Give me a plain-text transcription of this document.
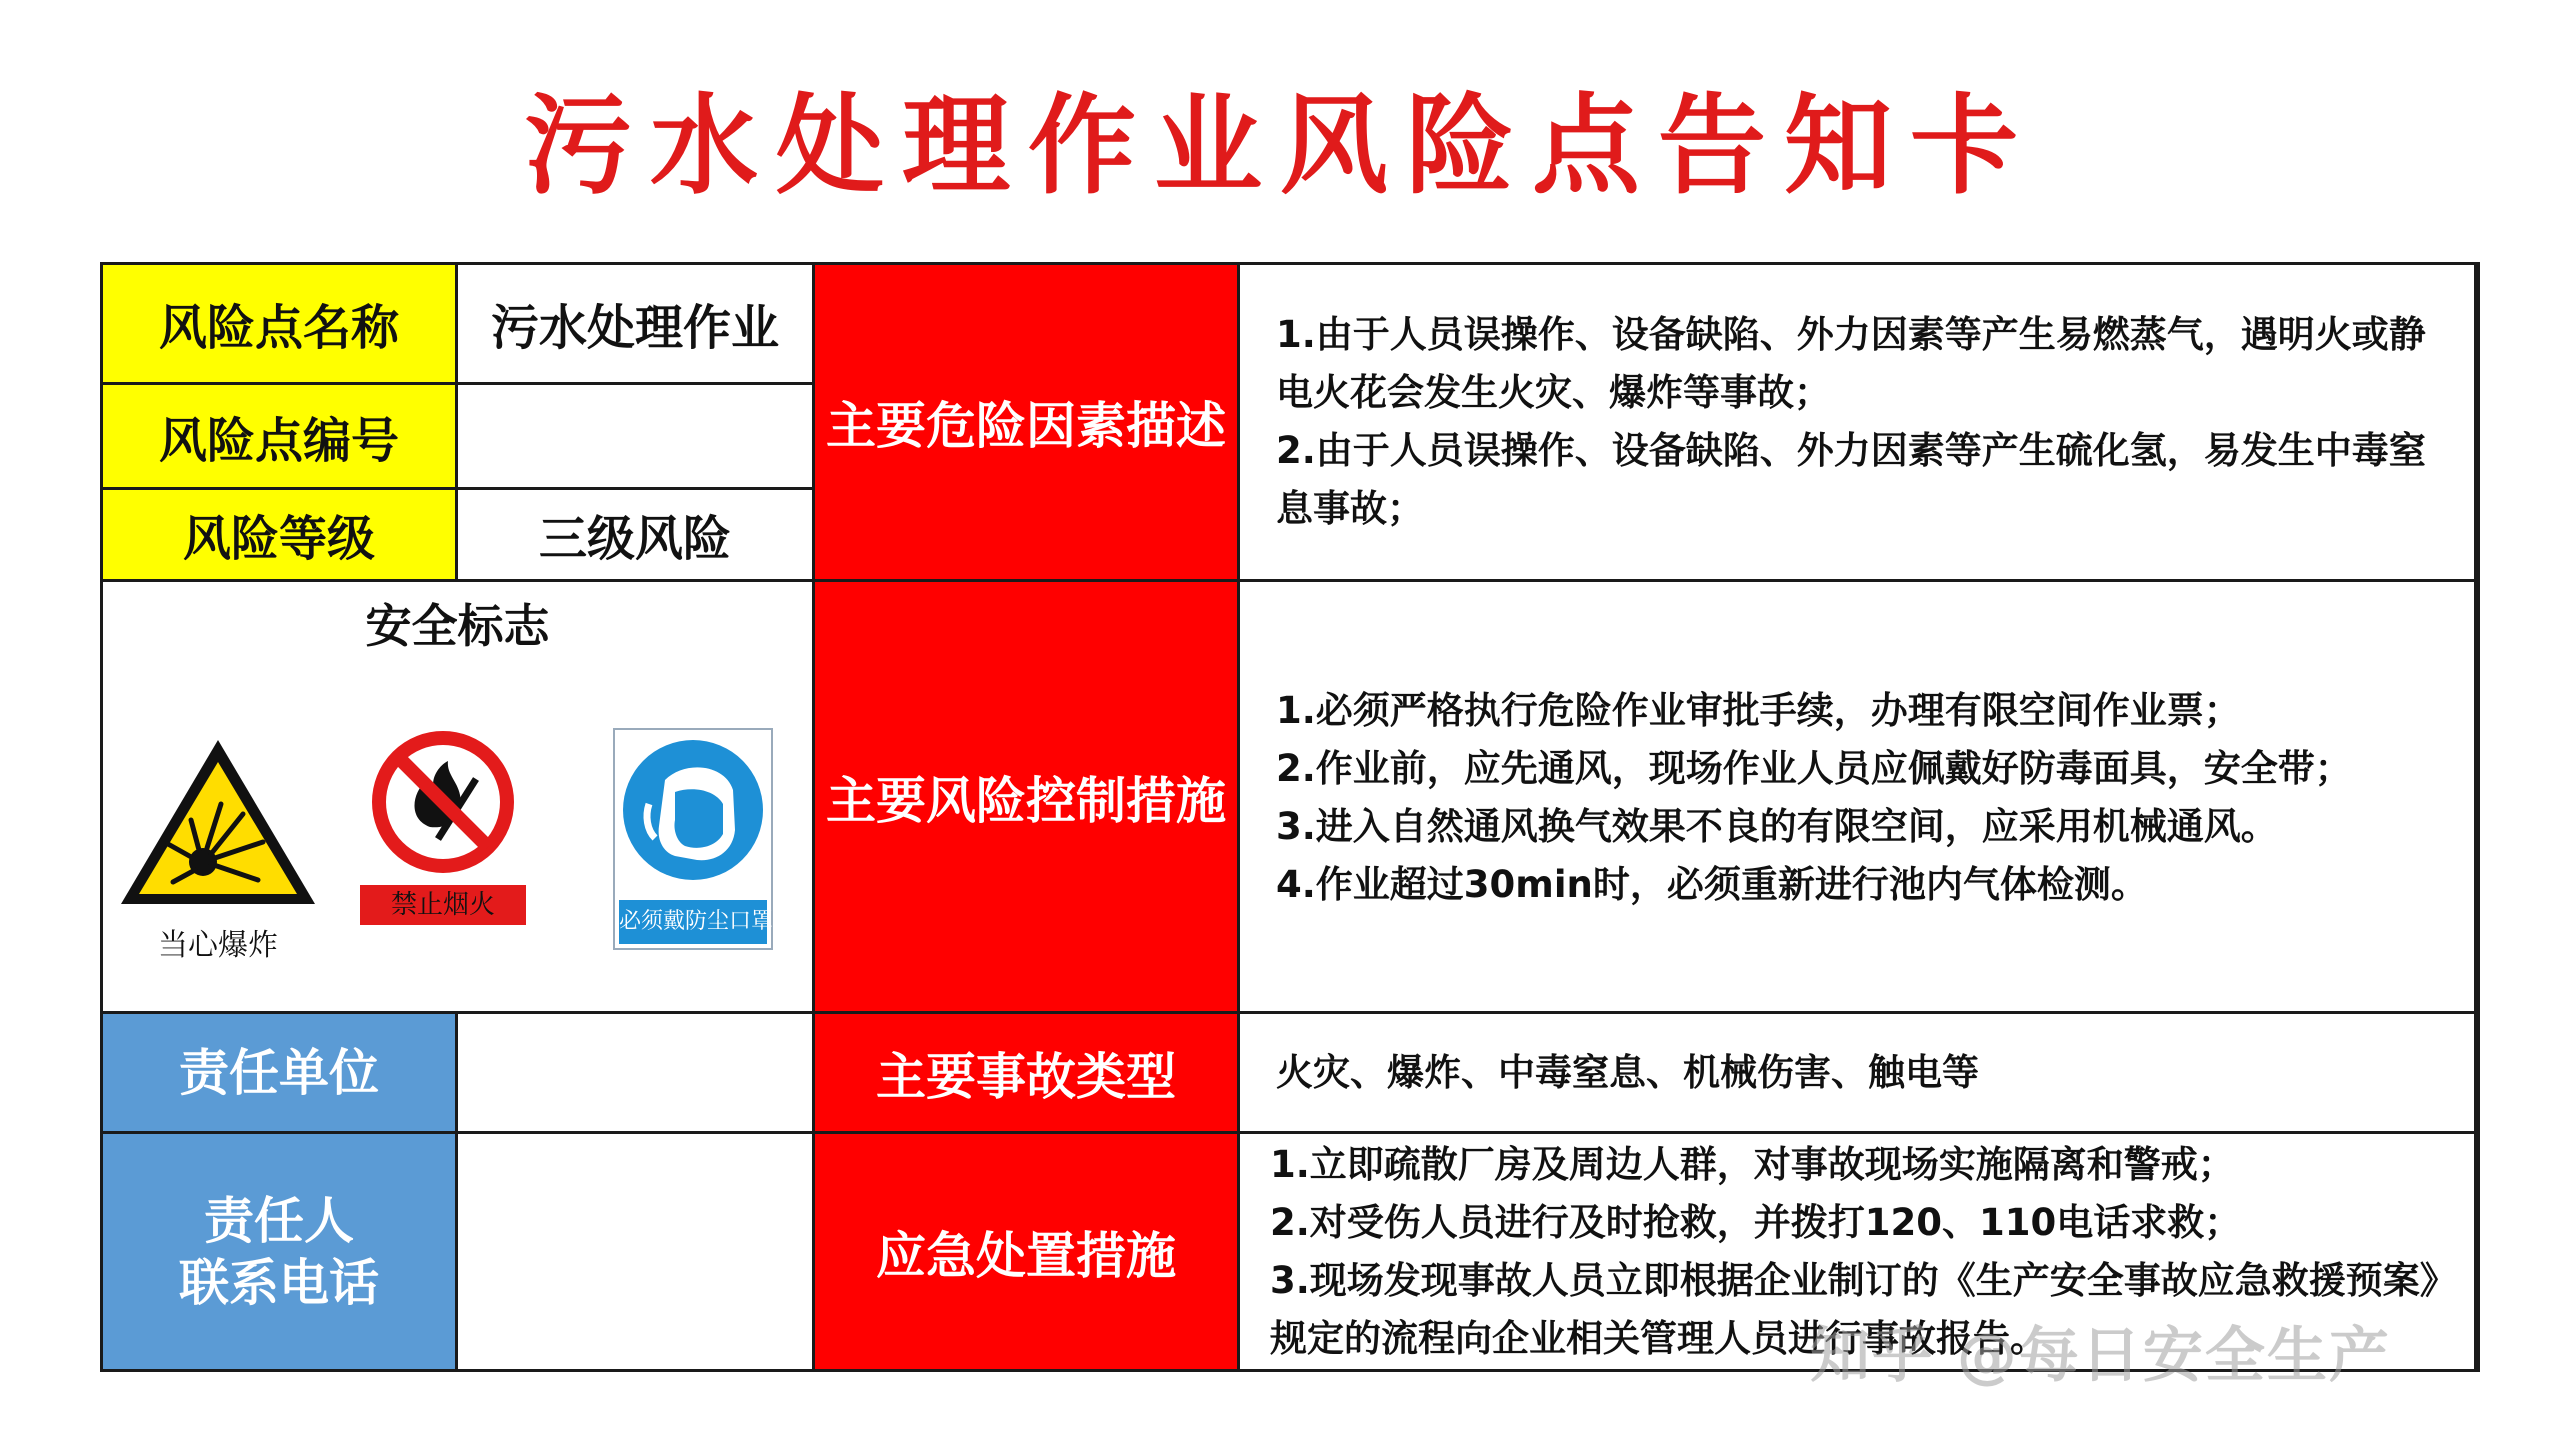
污水处理作业风险点告知卡
风险点名称	污水处理作业
风险点编号
风险等级	三级风险
安全标志
当心爆炸
禁止烟火
必须戴防尘口罩
责任单位
责任人
联系电话
主要危险因素描述
主要风险控制措施
主要事故类型
应急处置措施
1.由于人员误操作、设备缺陷、外力因素等产生易燃蒸气，遇明火或静
电火花会发生火灾、爆炸等事故；
2.由于人员误操作、设备缺陷、外力因素等产生硫化氢，易发生中毒窒
息事故；
1.必须严格执行危险作业审批手续，办理有限空间作业票；
2.作业前，应先通风，现场作业人员应佩戴好防毒面具，安全带；
3.进入自然通风换气效果不良的有限空间，应采用机械通风。
4.作业超过30min时，必须重新进行池内气体检测。
火灾、爆炸、中毒窒息、机械伤害、触电等
1.立即疏散厂房及周边人群，对事故现场实施隔离和警戒；
2.对受伤人员进行及时抢救，并拨打120、110电话求救；
3.现场发现事故人员立即根据企业制订的《生产安全事故应急救援预案》
规定的流程向企业相关管理人员进行事故报告。
知乎 @每日安全生产
